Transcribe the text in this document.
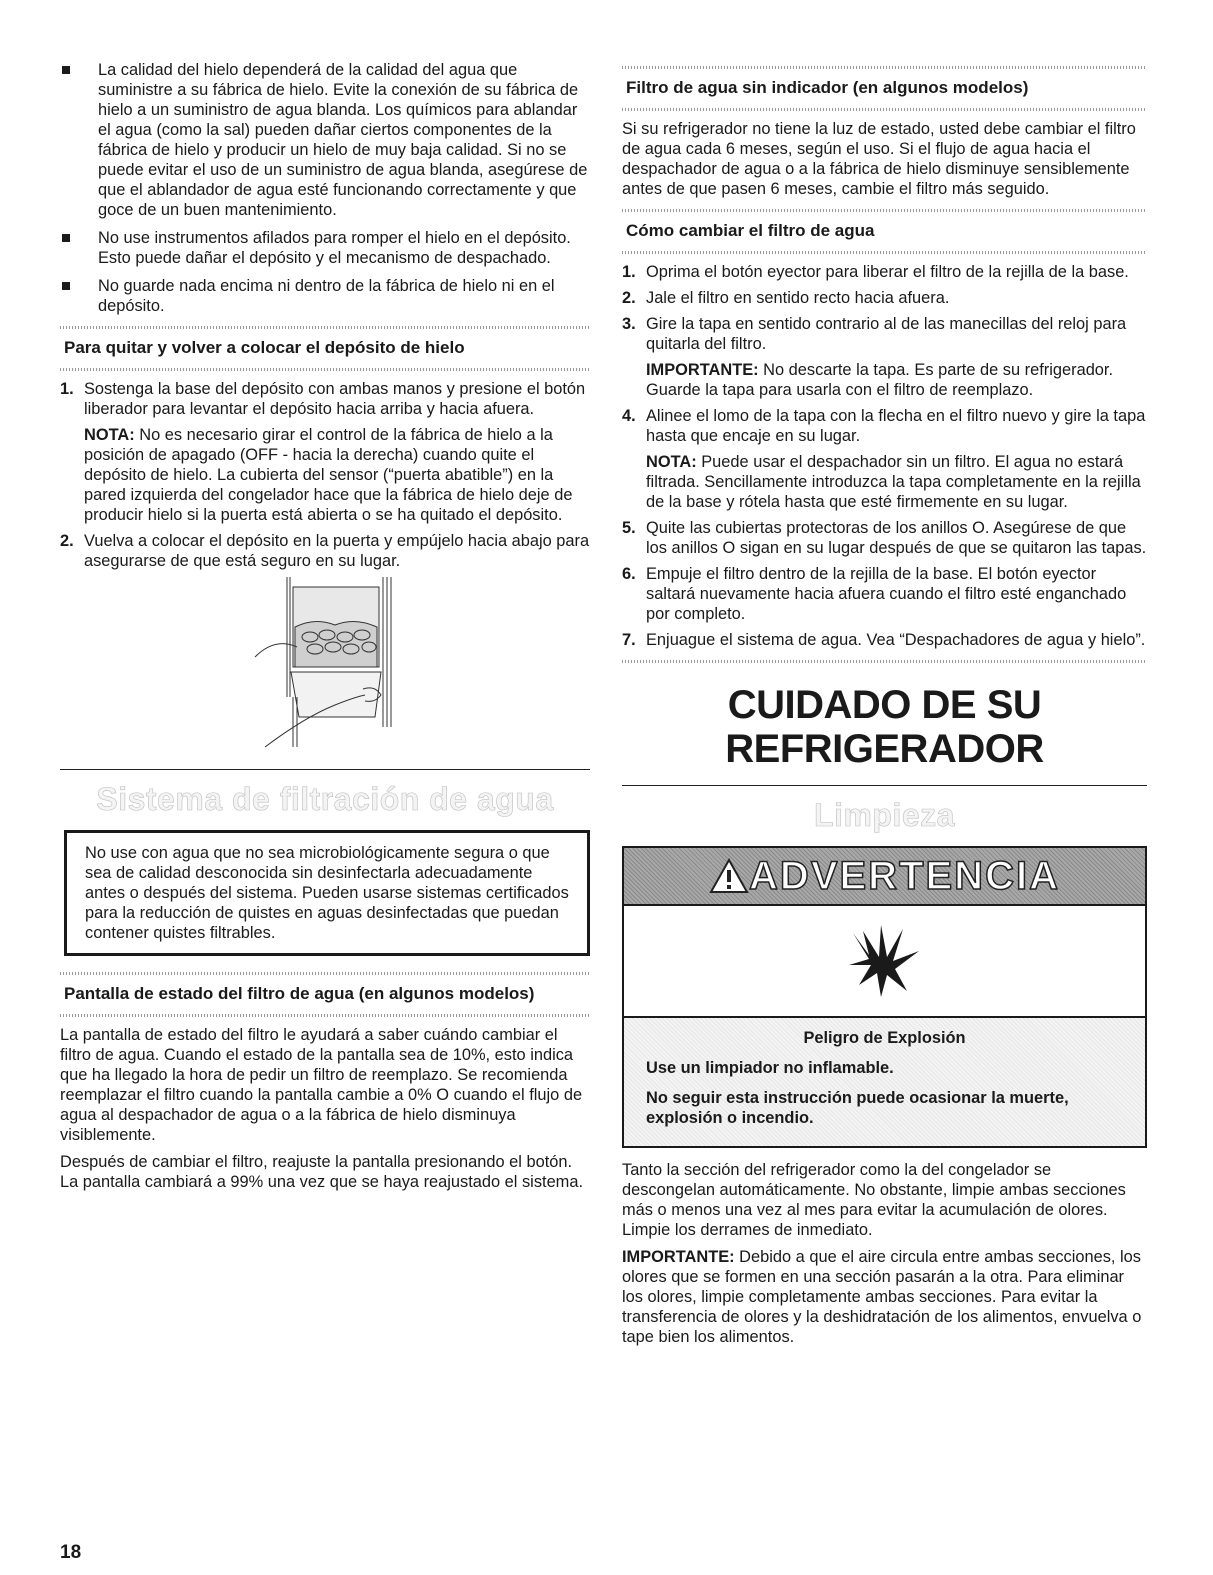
La calidad del hielo dependerá de la calidad del agua que suministre a su fábrica de hielo. Evite la conexión de su fábrica de hielo a un suministro de agua blanda. Los químicos para ablandar el agua (como la sal) pueden dañar ciertos componentes de la fábrica de hielo y producir un hielo de muy baja calidad. Si no se puede evitar el uso de un suministro de agua blanda, asegúrese de que el ablandador de agua esté funcionando correctamente y que goce de un buen mantenimiento.
No use instrumentos afilados para romper el hielo en el depósito. Esto puede dañar el depósito y el mecanismo de despachado.
No guarde nada encima ni dentro de la fábrica de hielo ni en el depósito.
Para quitar y volver a colocar el depósito de hielo
1. Sostenga la base del depósito con ambas manos y presione el botón liberador para levantar el depósito hacia arriba y hacia afuera.

NOTA: No es necesario girar el control de la fábrica de hielo a la posición de apagado (OFF - hacia la derecha) cuando quite el depósito de hielo. La cubierta del sensor (“puerta abatible”) en la pared izquierda del congelador hace que la fábrica de hielo deje de producir hielo si la puerta está abierta o se ha quitado el depósito.

2. Vuelva a colocar el depósito en la puerta y empújelo hacia abajo para asegurarse de que está seguro en su lugar.
Sistema de filtración de agua
No use con agua que no sea microbiológicamente segura o que sea de calidad desconocida sin desinfectarla adecuadamente antes o después del sistema. Pueden usarse sistemas certificados para la reducción de quistes en aguas desinfectadas que puedan contener quistes filtrables.
Pantalla de estado del filtro de agua (en algunos modelos)

La pantalla de estado del filtro le ayudará a saber cuándo cambiar el filtro de agua. Cuando el estado de la pantalla sea de 10%, esto indica que ha llegado la hora de pedir un filtro de reemplazo. Se recomienda reemplazar el filtro cuando la pantalla cambie a 0% O cuando el flujo de agua al despachador de agua o a la fábrica de hielo disminuya visiblemente.

Después de cambiar el filtro, reajuste la pantalla presionando el botón. La pantalla cambiará a 99% una vez que se haya reajustado el sistema.

Filtro de agua sin indicador (en algunos modelos)

Si su refrigerador no tiene la luz de estado, usted debe cambiar el filtro de agua cada 6 meses, según el uso. Si el flujo de agua hacia el despachador de agua o a la fábrica de hielo disminuye sensiblemente antes de que pasen 6 meses, cambie el filtro más seguido.

Cómo cambiar el filtro de agua
1. Oprima el botón eyector para liberar el filtro de la rejilla de la base.
2. Jale el filtro en sentido recto hacia afuera.
3. Gire la tapa en sentido contrario al de las manecillas del reloj para quitarla del filtro.

IMPORTANTE: No descarte la tapa. Es parte de su refrigerador. Guarde la tapa para usarla con el filtro de reemplazo.

4. Alinee el lomo de la tapa con la flecha en el filtro nuevo y gire la tapa hasta que encaje en su lugar.

NOTA: Puede usar el despachador sin un filtro. El agua no estará filtrada. Sencillamente introduzca la tapa completamente en la rejilla de la base y rótela hasta que esté firmemente en su lugar.

5. Quite las cubiertas protectoras de los anillos O. Asegúrese de que los anillos O sigan en su lugar después de que se quitaron las tapas.
6. Empuje el filtro dentro de la rejilla de la base. El botón eyector saltará nuevamente hacia afuera cuando el filtro esté enganchado por completo.
7. Enjuague el sistema de agua. Vea “Despachadores de agua y hielo”.
CUIDADO DE SU
REFRIGERADOR
Limpieza
ADVERTENCIA
Peligro de Explosión

Use un limpiador no inflamable.

No seguir esta instrucción puede ocasionar la muerte, explosión o incendio.

Tanto la sección del refrigerador como la del congelador se descongelan automáticamente. No obstante, limpie ambas secciones más o menos una vez al mes para evitar la acumulación de olores. Limpie los derrames de inmediato.

IMPORTANTE: Debido a que el aire circula entre ambas secciones, los olores que se formen en una sección pasarán a la otra. Para eliminar los olores, limpie completamente ambas secciones. Para evitar la transferencia de olores y la deshidratación de los alimentos, envuelva o tape bien los alimentos.

18
